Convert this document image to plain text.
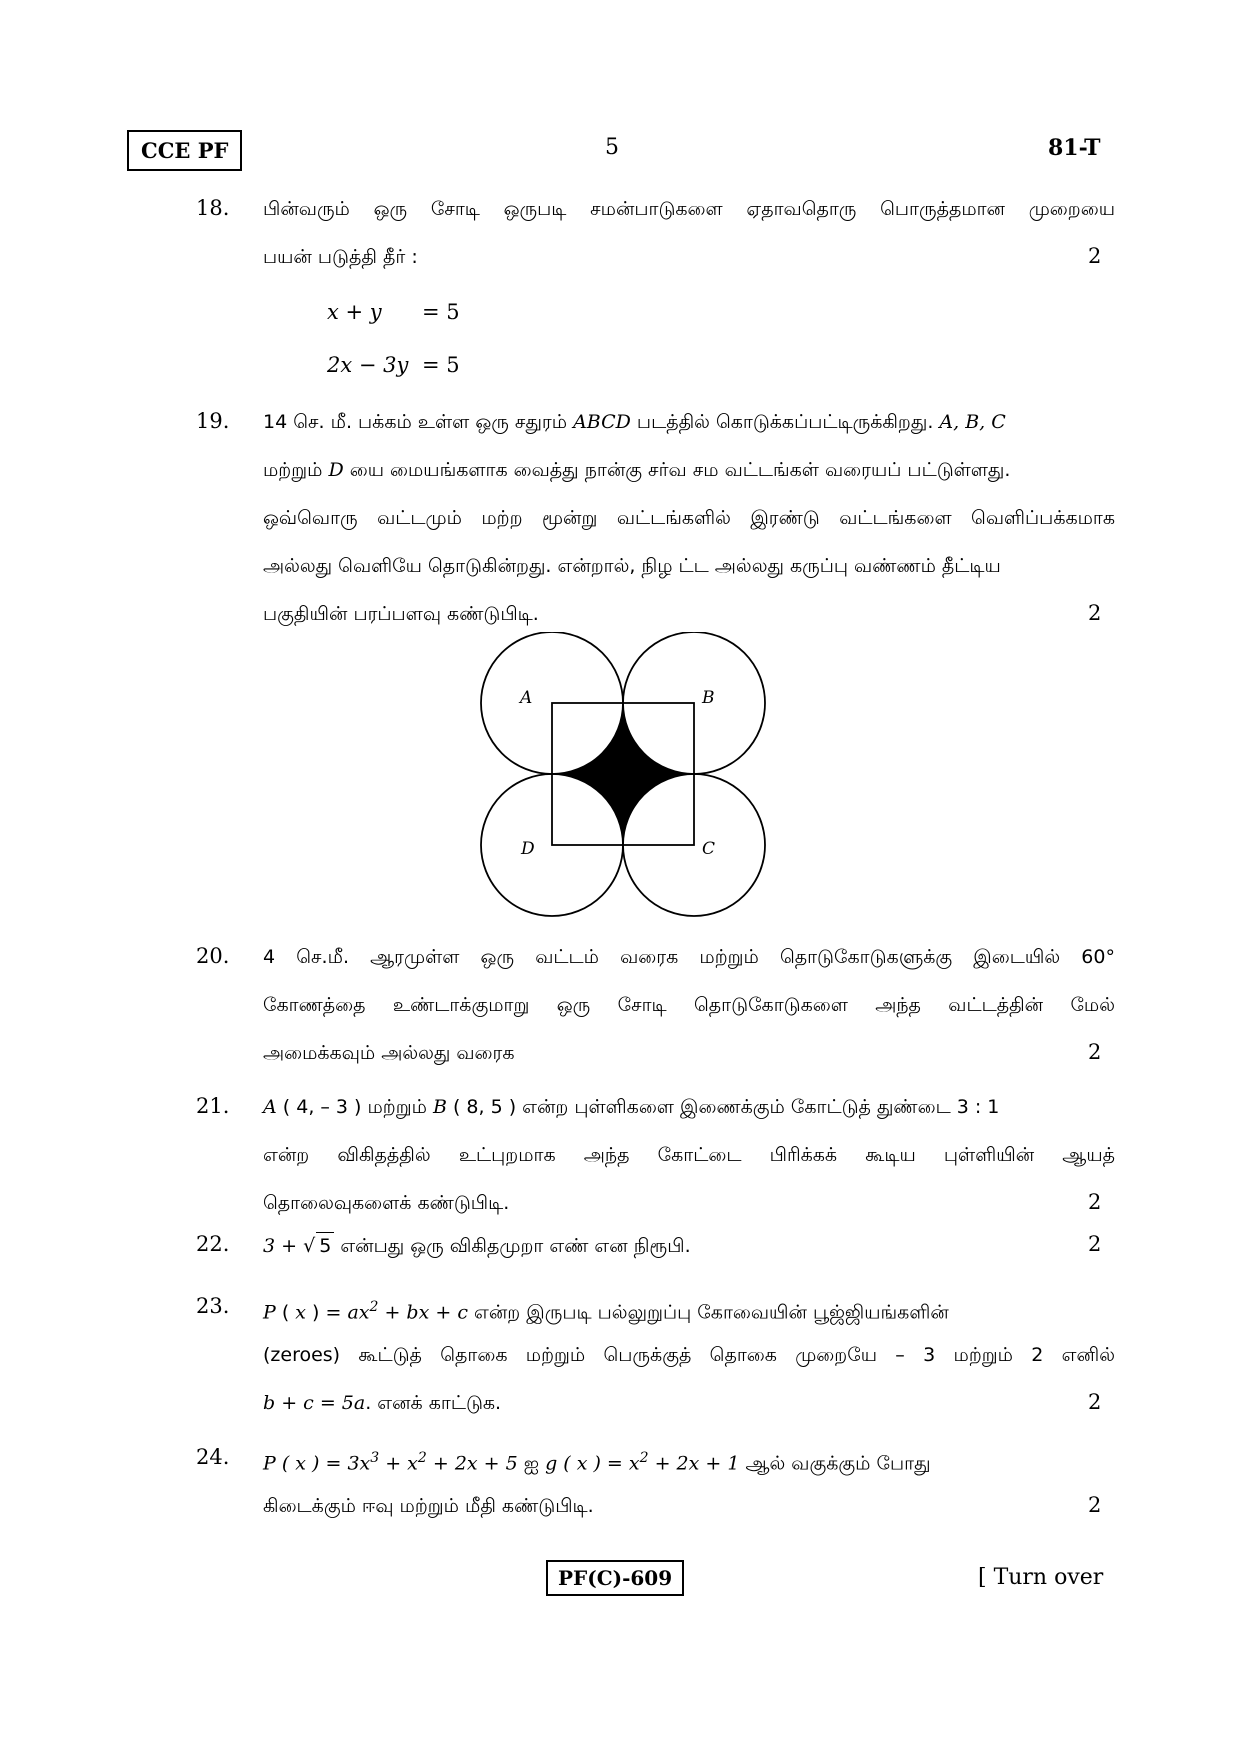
CCE PF	5	81-T
18. பின்வரும் ஒரு சோடி ஒருபடி சமன்பாடுகளை ஏதாவதொரு பொருத்தமான முறையை
பயன் படுத்தி தீர் :	2
x + y = 5
2x − 3y = 5
19. 14 செ. மீ. பக்கம் உள்ள ஒரு சதுரம் ABCD படத்தில் கொடுக்கப்பட்டிருக்கிறது. A, B, C
மற்றும் D யை மையங்களாக வைத்து நான்கு சர்வ சம வட்டங்கள் வரையப் பட்டுள்ளது.
ஒவ்வொரு வட்டமும் மற்ற மூன்று வட்டங்களில் இரண்டு வட்டங்களை வெளிப்பக்கமாக
அல்லது வெளியே தொடுகின்றது. என்றால், நிழ ட்ட அல்லது கருப்பு வண்ணம் தீட்டிய
பகுதியின் பரப்பளவு கண்டுபிடி.	2
A	B
D	C
20. 4 செ.மீ. ஆரமுள்ள ஒரு வட்டம் வரைக மற்றும் தொடுகோடுகளுக்கு இடையில் 60°
கோணத்தை உண்டாக்குமாறு ஒரு சோடி தொடுகோடுகளை அந்த வட்டத்தின் மேல்
அமைக்கவும் அல்லது வரைக	2
21. A ( 4, – 3 ) மற்றும் B ( 8, 5 ) என்ற புள்ளிகளை இணைக்கும் கோட்டுத் துண்டை 3 : 1
என்ற விகிதத்தில் உட்புறமாக அந்த கோட்டை பிரிக்கக் கூடிய புள்ளியின் ஆயத்
தொலைவுகளைக் கண்டுபிடி.	2
22. 3 + √ 5 என்பது ஒரு விகிதமுறா எண் என நிரூபி.	2
23. P ( x ) = $ax^2$ + bx + c என்ற இருபடி பல்லுறுப்பு கோவையின் பூஜ்ஜியங்களின்
(zeroes) கூட்டுத் தொகை மற்றும் பெருக்குத் தொகை முறையே – 3 மற்றும் 2 எனில்
b + c = 5a. எனக் காட்டுக.	2
24. P ( x ) = $3x^3 + x^2 + 2x + 5$ ஐ g ( x ) = $x^2 + 2x + 1$ ஆல் வகுக்கும் போது
கிடைக்கும் ஈவு மற்றும் மீதி கண்டுபிடி.	2
PF(C)-609	[ Turn over
